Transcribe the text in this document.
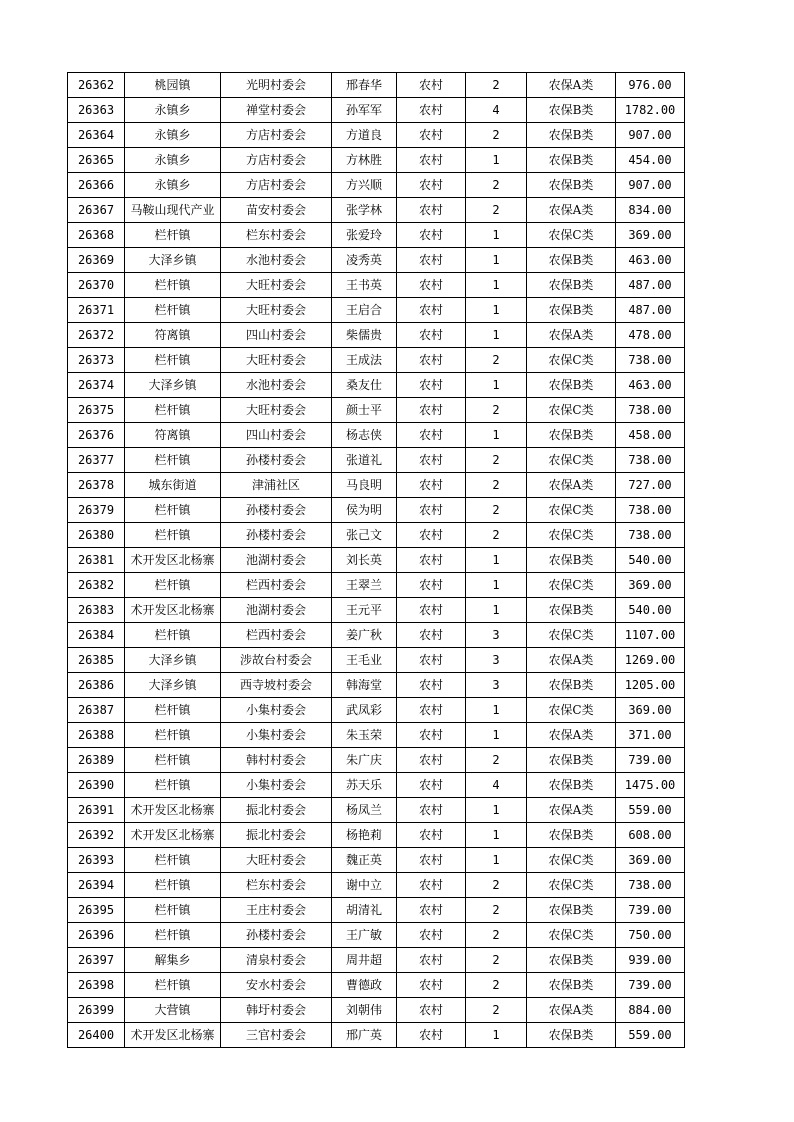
26362	桃园镇	光明村委会	邢春华	农村	2	农保A类	976.00
26363	永镇乡	禅堂村委会	孙军军	农村	4	农保B类	1782.00
26364	永镇乡	方店村委会	方道良	农村	2	农保B类	907.00
26365	永镇乡	方店村委会	方林胜	农村	1	农保B类	454.00
26366	永镇乡	方店村委会	方兴顺	农村	2	农保B类	907.00
26367	马鞍山现代产业	苗安村委会	张学林	农村	2	农保A类	834.00
26368	栏杆镇	栏东村委会	张爱玲	农村	1	农保C类	369.00
26369	大泽乡镇	水池村委会	凌秀英	农村	1	农保B类	463.00
26370	栏杆镇	大旺村委会	王书英	农村	1	农保B类	487.00
26371	栏杆镇	大旺村委会	王启合	农村	1	农保B类	487.00
26372	符离镇	四山村委会	柴儒贵	农村	1	农保A类	478.00
26373	栏杆镇	大旺村委会	王成法	农村	2	农保C类	738.00
26374	大泽乡镇	水池村委会	桑友仕	农村	1	农保B类	463.00
26375	栏杆镇	大旺村委会	颜士平	农村	2	农保C类	738.00
26376	符离镇	四山村委会	杨志侠	农村	1	农保B类	458.00
26377	栏杆镇	孙楼村委会	张道礼	农村	2	农保C类	738.00
26378	城东街道	津浦社区	马良明	农村	2	农保A类	727.00
26379	栏杆镇	孙楼村委会	侯为明	农村	2	农保C类	738.00
26380	栏杆镇	孙楼村委会	张己文	农村	2	农保C类	738.00
26381	术开发区北杨寨	池湖村委会	刘长英	农村	1	农保B类	540.00
26382	栏杆镇	栏西村委会	王翠兰	农村	1	农保C类	369.00
26383	术开发区北杨寨	池湖村委会	王元平	农村	1	农保B类	540.00
26384	栏杆镇	栏西村委会	姜广秋	农村	3	农保C类	1107.00
26385	大泽乡镇	涉故台村委会	王毛业	农村	3	农保A类	1269.00
26386	大泽乡镇	西寺坡村委会	韩海堂	农村	3	农保B类	1205.00
26387	栏杆镇	小集村委会	武凤彩	农村	1	农保C类	369.00
26388	栏杆镇	小集村委会	朱玉荣	农村	1	农保A类	371.00
26389	栏杆镇	韩村村委会	朱广庆	农村	2	农保B类	739.00
26390	栏杆镇	小集村委会	苏天乐	农村	4	农保B类	1475.00
26391	术开发区北杨寨	振北村委会	杨凤兰	农村	1	农保A类	559.00
26392	术开发区北杨寨	振北村委会	杨艳莉	农村	1	农保B类	608.00
26393	栏杆镇	大旺村委会	魏正英	农村	1	农保C类	369.00
26394	栏杆镇	栏东村委会	谢中立	农村	2	农保C类	738.00
26395	栏杆镇	王庄村委会	胡清礼	农村	2	农保B类	739.00
26396	栏杆镇	孙楼村委会	王广敏	农村	2	农保C类	750.00
26397	解集乡	清泉村委会	周井超	农村	2	农保B类	939.00
26398	栏杆镇	安水村委会	曹德政	农村	2	农保B类	739.00
26399	大营镇	韩圩村委会	刘朝伟	农村	2	农保A类	884.00
26400	术开发区北杨寨	三官村委会	邢广英	农村	1	农保B类	559.00
